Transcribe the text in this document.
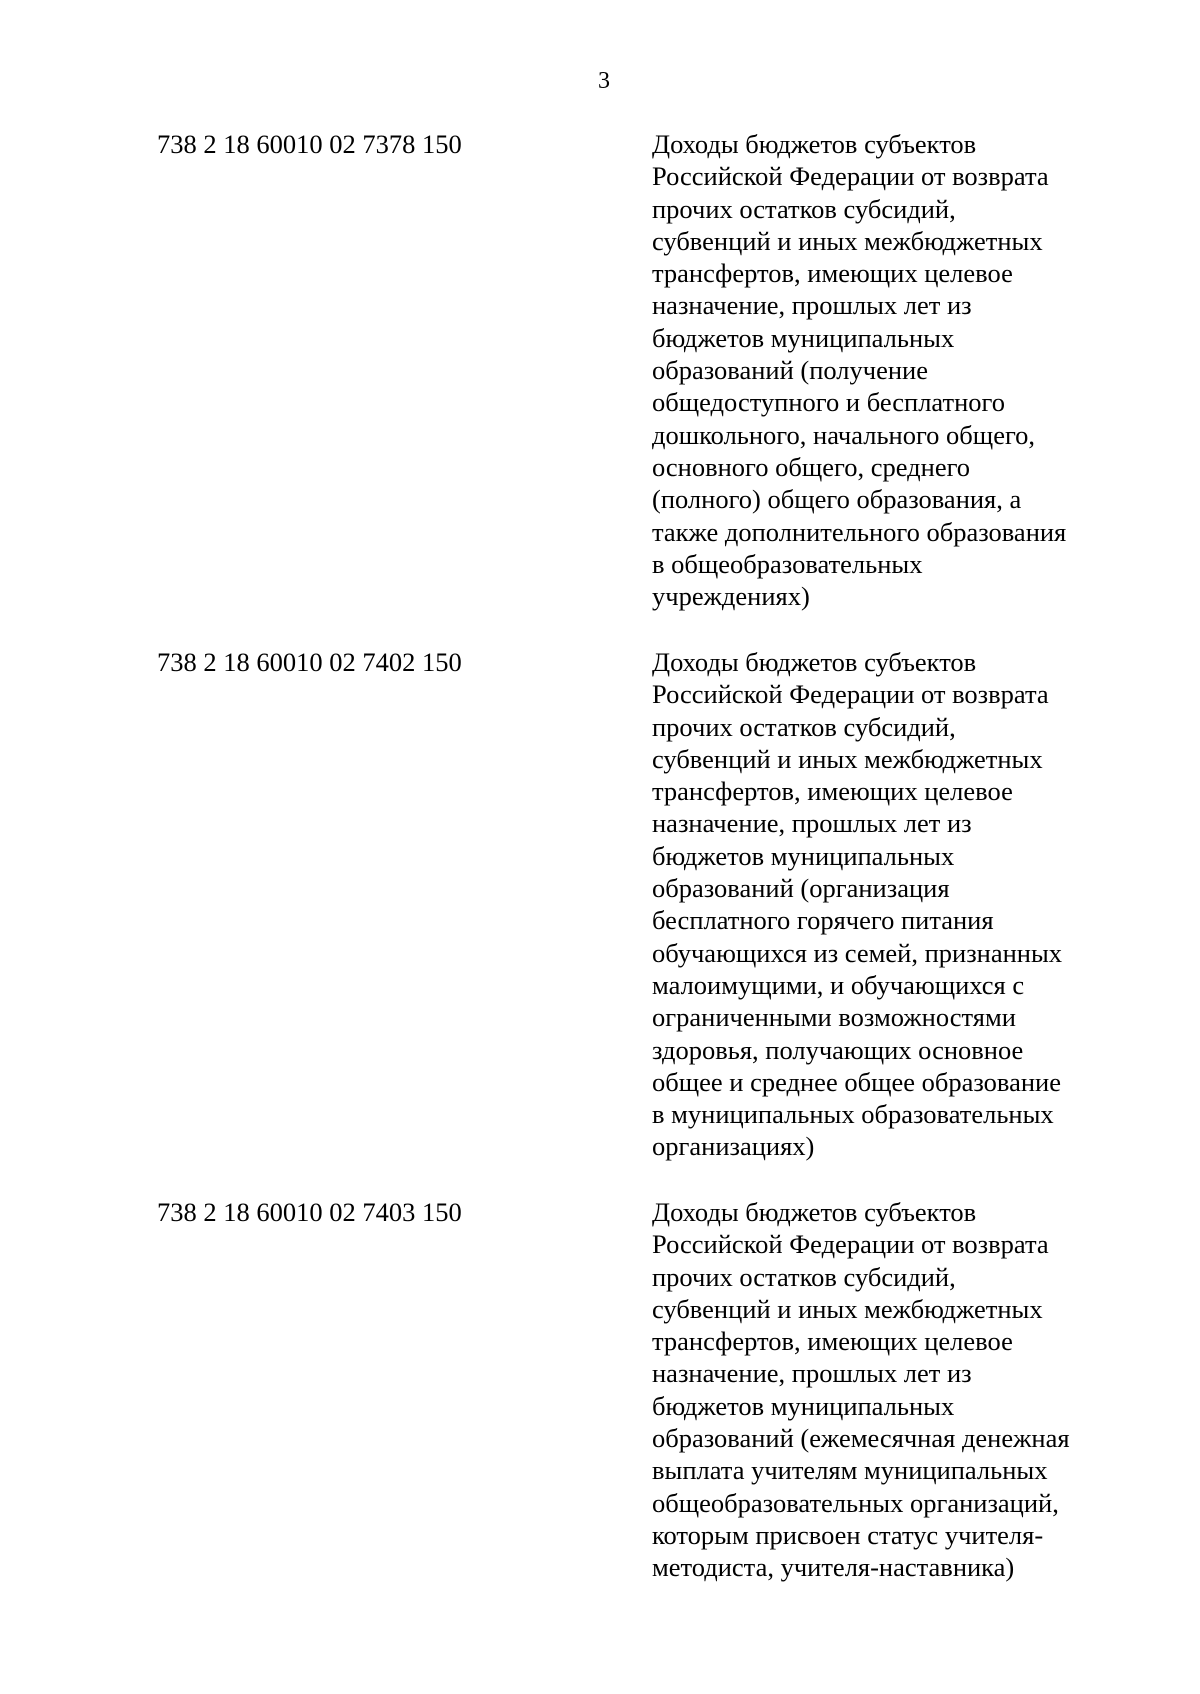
3
738 2 18 60010 02 7378 150	Доходы бюджетов субъектов
Российской Федерации от возврата
прочих остатков субсидий,
субвенций и иных межбюджетных
трансфертов, имеющих целевое
назначение, прошлых лет из
бюджетов муниципальных
образований (получение
общедоступного и бесплатного
дошкольного, начального общего,
основного общего, среднего
(полного) общего образования, а
также дополнительного образования
в общеобразовательных
учреждениях)
738 2 18 60010 02 7402 150	Доходы бюджетов субъектов
Российской Федерации от возврата
прочих остатков субсидий,
субвенций и иных межбюджетных
трансфертов, имеющих целевое
назначение, прошлых лет из
бюджетов муниципальных
образований (организация
бесплатного горячего питания
обучающихся из семей, признанных
малоимущими, и обучающихся с
ограниченными возможностями
здоровья, получающих основное
общее и среднее общее образование
в муниципальных образовательных
организациях)
738 2 18 60010 02 7403 150	Доходы бюджетов субъектов
Российской Федерации от возврата
прочих остатков субсидий,
субвенций и иных межбюджетных
трансфертов, имеющих целевое
назначение, прошлых лет из
бюджетов муниципальных
образований (ежемесячная денежная
выплата учителям муниципальных
общеобразовательных организаций,
которым присвоен статус учителя-
методиста, учителя-наставника)
